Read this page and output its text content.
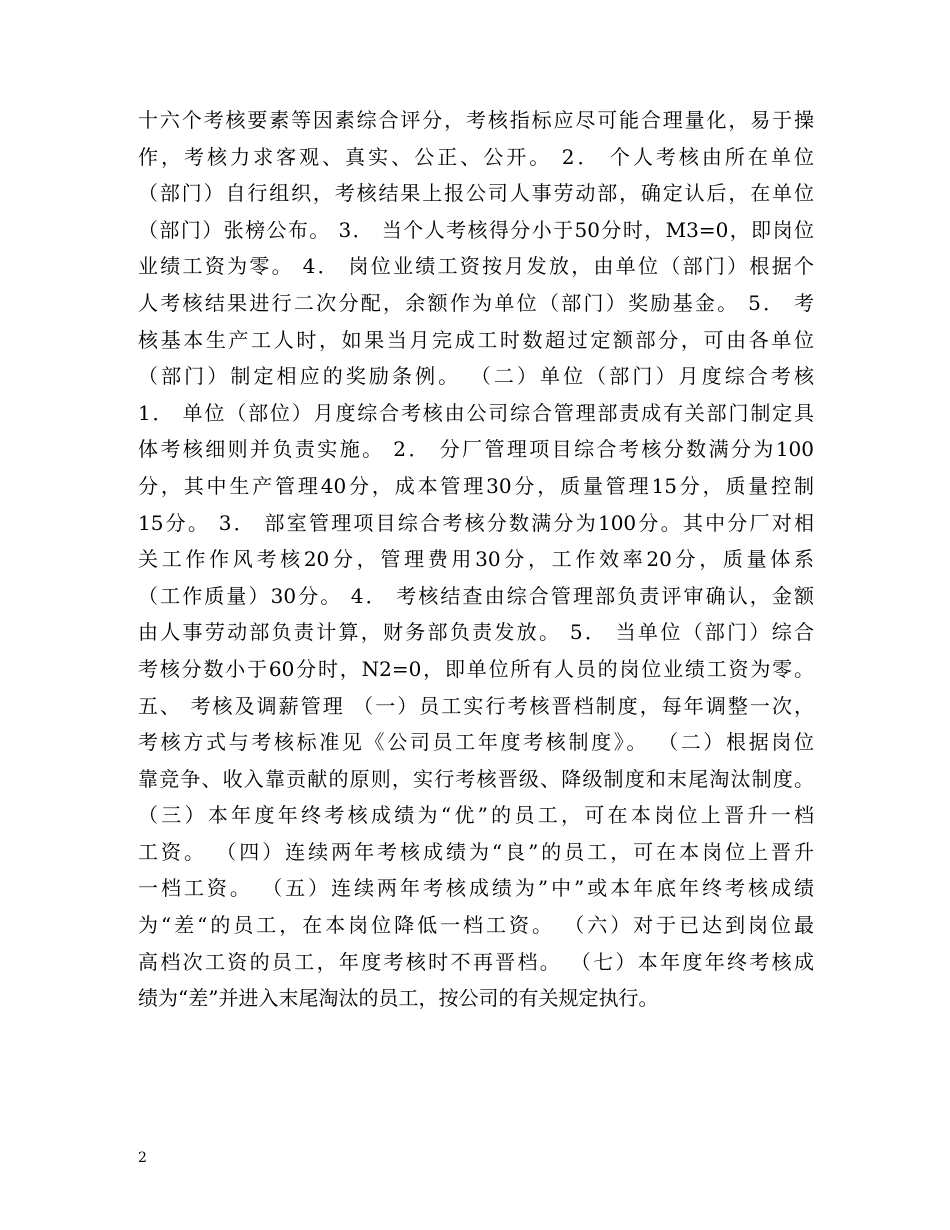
十六个考核要素等因素综合评分，考核指标应尽可能合理量化，易于操
作，考核力求客观、真实、公正、公开。 2． 个人考核由所在单位
（部门）自行组织，考核结果上报公司人事劳动部，确定认后，在单位
（部门）张榜公布。 3． 当个人考核得分小于50分时，M3=0，即岗位
业绩工资为零。 4． 岗位业绩工资按月发放，由单位（部门）根据个
人考核结果进行二次分配，余额作为单位（部门）奖励基金。 5． 考
核基本生产工人时，如果当月完成工时数超过定额部分，可由各单位
（部门）制定相应的奖励条例。 （二）单位（部门）月度综合考核
1． 单位（部位）月度综合考核由公司综合管理部责成有关部门制定具
体考核细则并负责实施。 2． 分厂管理项目综合考核分数满分为100
分，其中生产管理40分，成本管理30分，质量管理15分，质量控制
15分。 3． 部室管理项目综合考核分数满分为100分。其中分厂对相
关工作作风考核20分，管理费用30分，工作效率20分，质量体系
（工作质量）30分。 4． 考核结查由综合管理部负责评审确认，金额
由人事劳动部负责计算，财务部负责发放。 5． 当单位（部门）综合
考核分数小于60分时，N2=0，即单位所有人员的岗位业绩工资为零。
五、 考核及调薪管理 （一）员工实行考核晋档制度，每年调整一次，
考核方式与考核标准见《公司员工年度考核制度》。 （二）根据岗位
靠竞争、收入靠贡献的原则，实行考核晋级、降级制度和末尾淘汰制度。
（三）本年度年终考核成绩为“优”的员工，可在本岗位上晋升一档
工资。 （四）连续两年考核成绩为“良”的员工，可在本岗位上晋升
一档工资。 （五）连续两年考核成绩为”中”或本年底年终考核成绩
为“差“的员工，在本岗位降低一档工资。 （六）对于已达到岗位最
高档次工资的员工，年度考核时不再晋档。 （七）本年度年终考核成
绩为“差”并进入末尾淘汰的员工，按公司的有关规定执行。
2
